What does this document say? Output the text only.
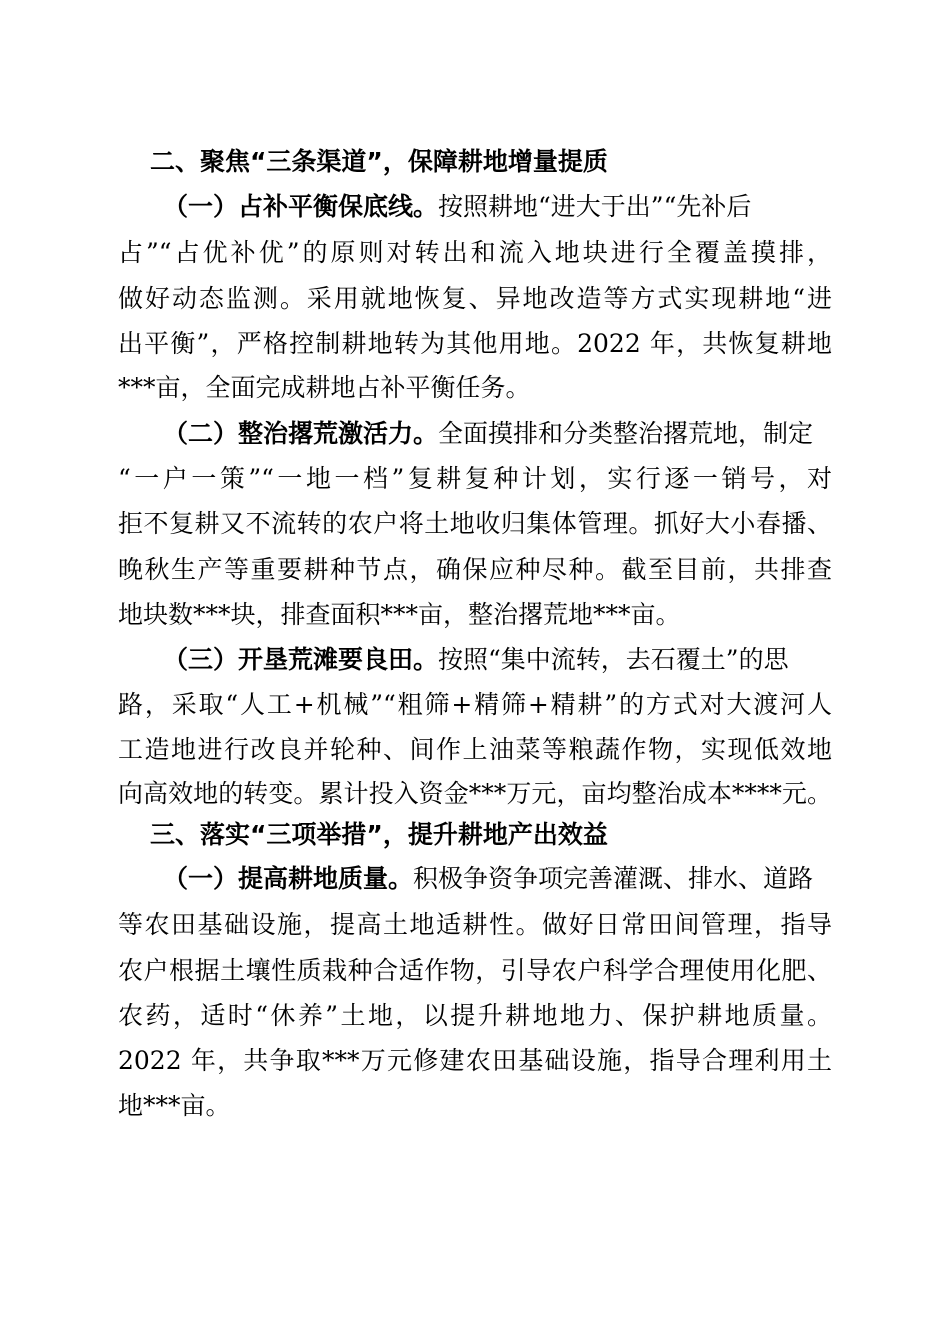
二、聚焦“三条渠道”，保障耕地增量提质
（一）占补平衡保底线。按照耕地“进大于出”“先补后
占”“占优补优”的原则对转出和流入地块进行全覆盖摸排，
做好动态监测。采用就地恢复、异地改造等方式实现耕地“进
出平衡”，严格控制耕地转为其他用地。2022 年，共恢复耕地
***亩，全面完成耕地占补平衡任务。
（二）整治撂荒激活力。全面摸排和分类整治撂荒地，制定
“一户一策”“一地一档”复耕复种计划，实行逐一销号，对
拒不复耕又不流转的农户将土地收归集体管理。抓好大小春播、
晚秋生产等重要耕种节点，确保应种尽种。截至目前，共排查
地块数***块，排查面积***亩，整治撂荒地***亩。
（三）开垦荒滩要良田。按照“集中流转，去石覆土”的思
路，采取“人工+机械”“粗筛+精筛+精耕”的方式对大渡河人
工造地进行改良并轮种、间作上油菜等粮蔬作物，实现低效地
向高效地的转变。累计投入资金***万元，亩均整治成本****元。
三、落实“三项举措”，提升耕地产出效益
（一）提高耕地质量。积极争资争项完善灌溉、排水、道路
等农田基础设施，提高土地适耕性。做好日常田间管理，指导
农户根据土壤性质栽种合适作物，引导农户科学合理使用化肥、
农药，适时“休养”土地，以提升耕地地力、保护耕地质量。
2022 年，共争取***万元修建农田基础设施，指导合理利用土
地***亩。
